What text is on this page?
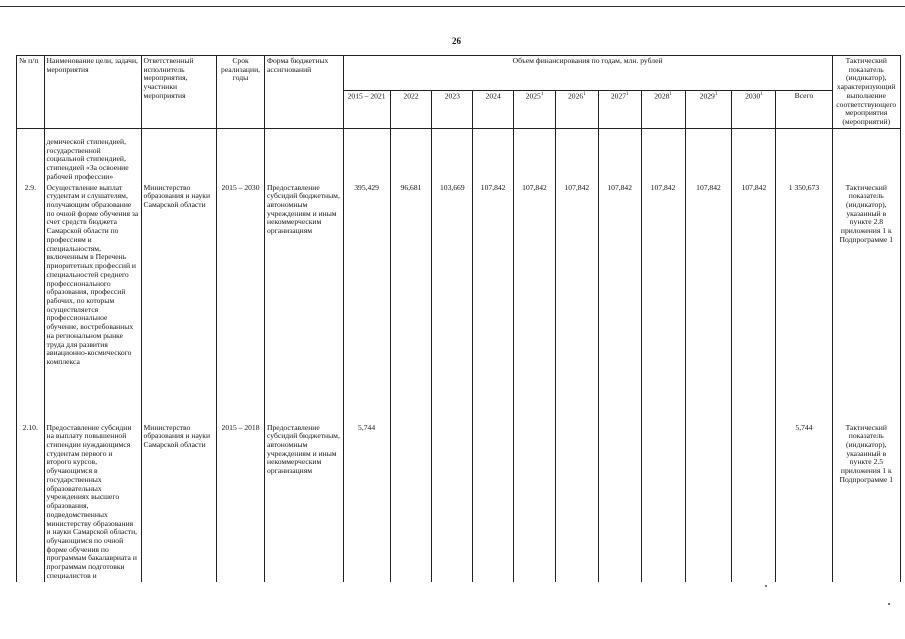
26
№ п/п	Наименование цели, задачи, мероприятия	Ответственный исполнитель мероприятия, участники мероприятия	Срок реализации, годы	Форма бюджетных ассигнований	Объем финансирования по годам, млн. рублей											Тактический показатель (индикатор), характеризующий выполнение соответствующего мероприятия (мероприятий)
					2015 – 2021	2022	2023	2024	2025$^1$	2026$^1$	2027$^1$	2028$^1$	2029$^1$	2030$^1$	Всего	

	демической стипендией, государственной социальной стипендией, стипендией «За освоение рабочей профессии»															
2.9.	Осуществление выплат студентам и слушателям, получающим образование по очной форме обучения за счет средств бюджета Самарской области по профессиям и специальностям, включенным в Перечень приоритетных профессий и специальностей среднего профессионального образования, профессий рабочих, по которым осуществляется профессиональное обучение, востребованных на региональном рынке труда для развития авиационно-космического комплекса	Министерство образования и науки Самарской области	2015 – 2030	Предоставление субсидий бюджетным, автономным учреждениям и иным некоммерческим организациям	395,429	96,681	103,669	107,842	107,842	107,842	107,842	107,842	107,842	107,842	1 350,673	Тактический показатель (индикатор), указанный в пункте 2.8 приложения 1 к Подпрограмме 1
2.10.	Предоставление субсидии на выплату повышенной стипендии нуждающимся студентам первого и второго курсов, обучающимся в государственных образовательных учреждениях высшего образования, подведомственных министерству образования и науки Самарской области, обучающимся по очной форме обучения по программам бакалавриата и программам подготовки специалистов и	Министерство образования и науки Самарской области	2015 – 2018	Предоставление субсидий бюджетным, автономным учреждениям и иным некоммерческим организациям	5,744										5,744	Тактический показатель (индикатор), указанный в пункте 2.5 приложения 1 к Подпрограмме 1
